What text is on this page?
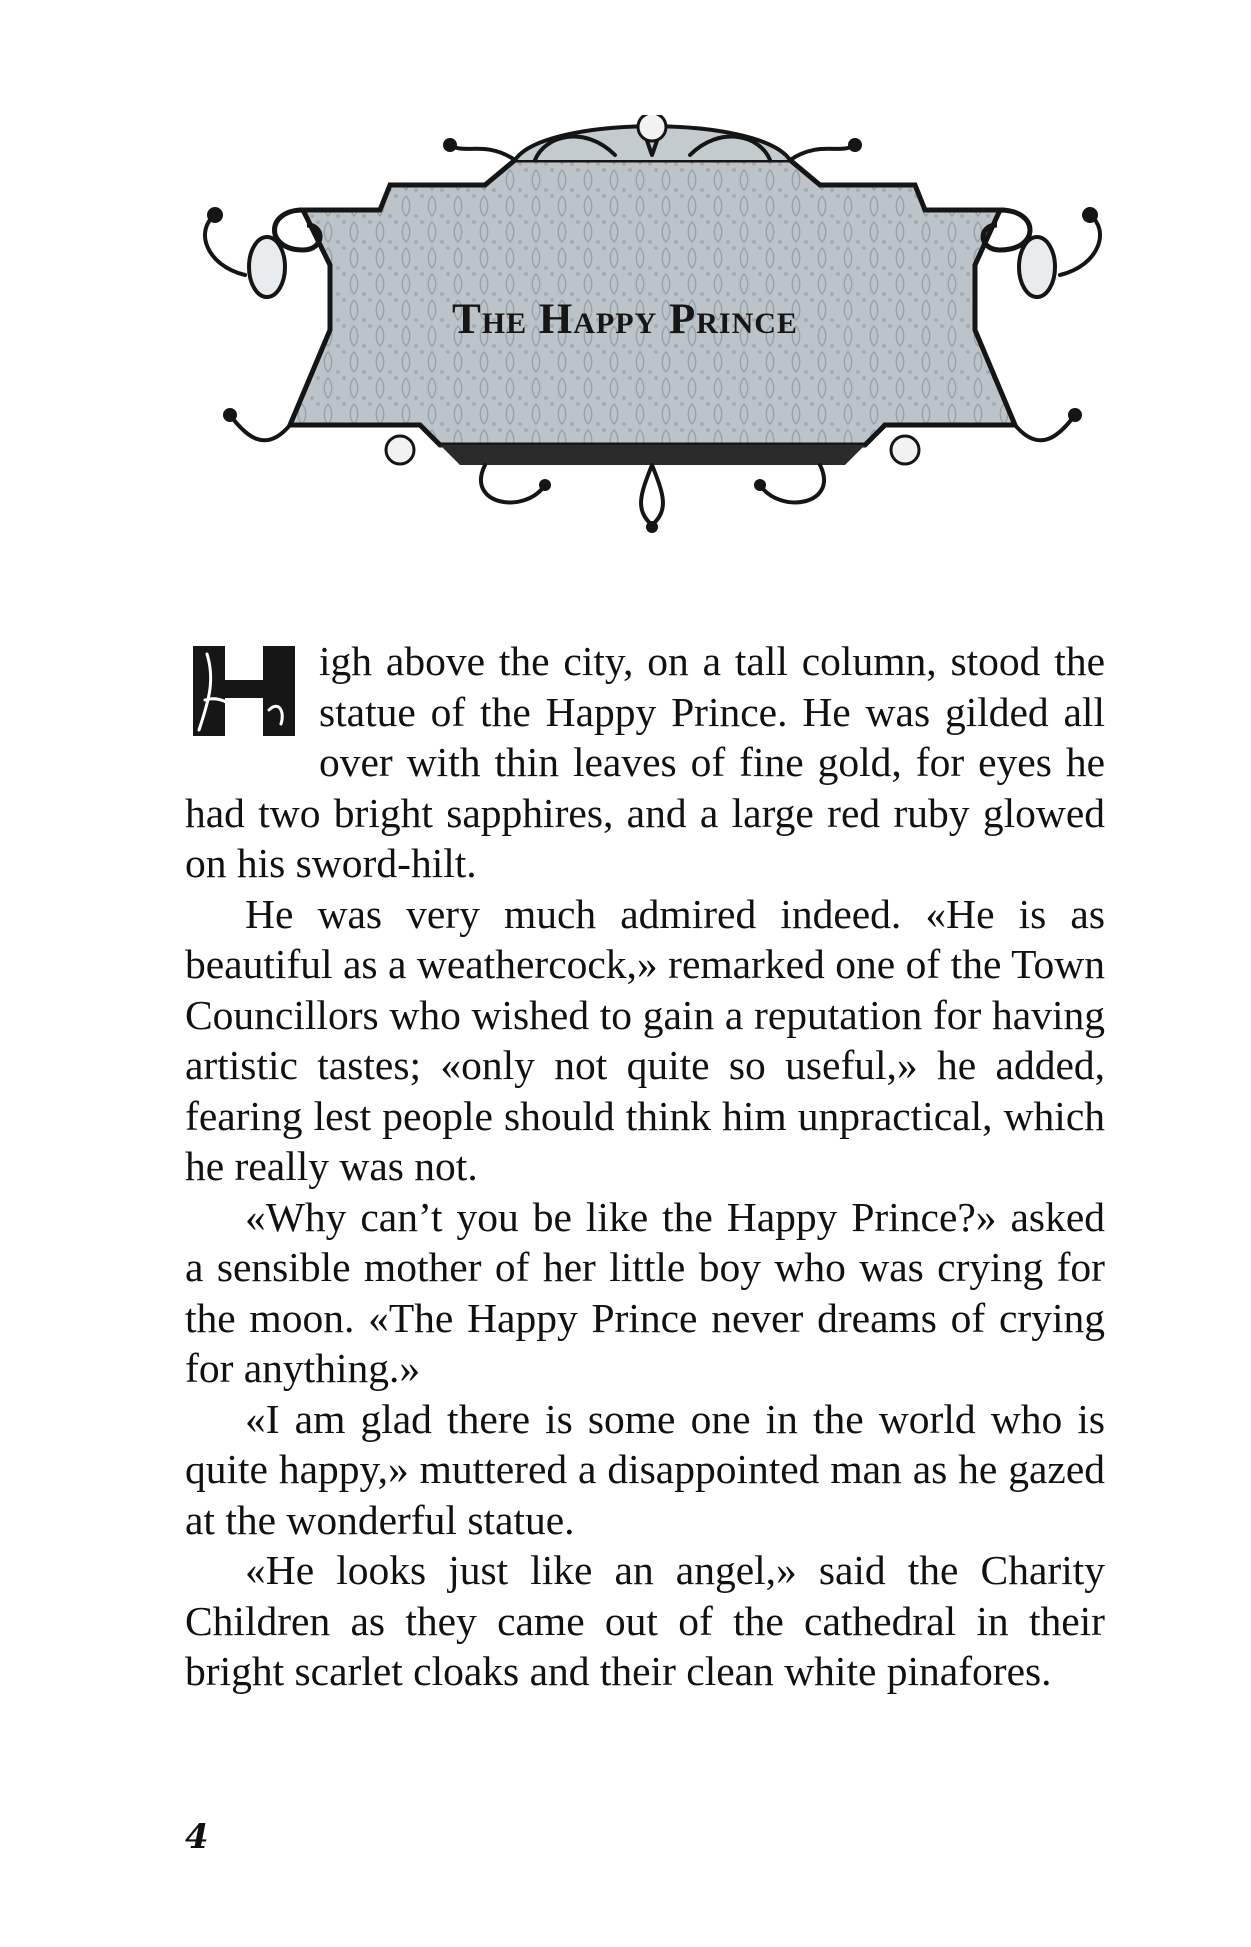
The Happy Prince

igh above the city, on a tall column, stood the statue of the Happy Prince. He was gilded all over with thin leaves of fine gold, for eyes he had two bright sapphires, and a large red ruby glowed on his sword-hilt.

He was very much admired indeed. «He is as beautiful as a weathercock,» remarked one of the Town Councillors who wished to gain a reputation for having artistic tastes; «only not quite so useful,» he added, fearing lest people should think him unpractical, which he really was not.

«Why can’t you be like the Happy Prince?» asked a sensible mother of her little boy who was crying for the moon. «The Happy Prince never dreams of crying for anything.»

«I am glad there is some one in the world who is quite happy,» muttered a disappointed man as he gazed at the wonderful statue.

«He looks just like an angel,» said the Charity Children as they came out of the cathedral in their bright scarlet cloaks and their clean white pinafores.

4
